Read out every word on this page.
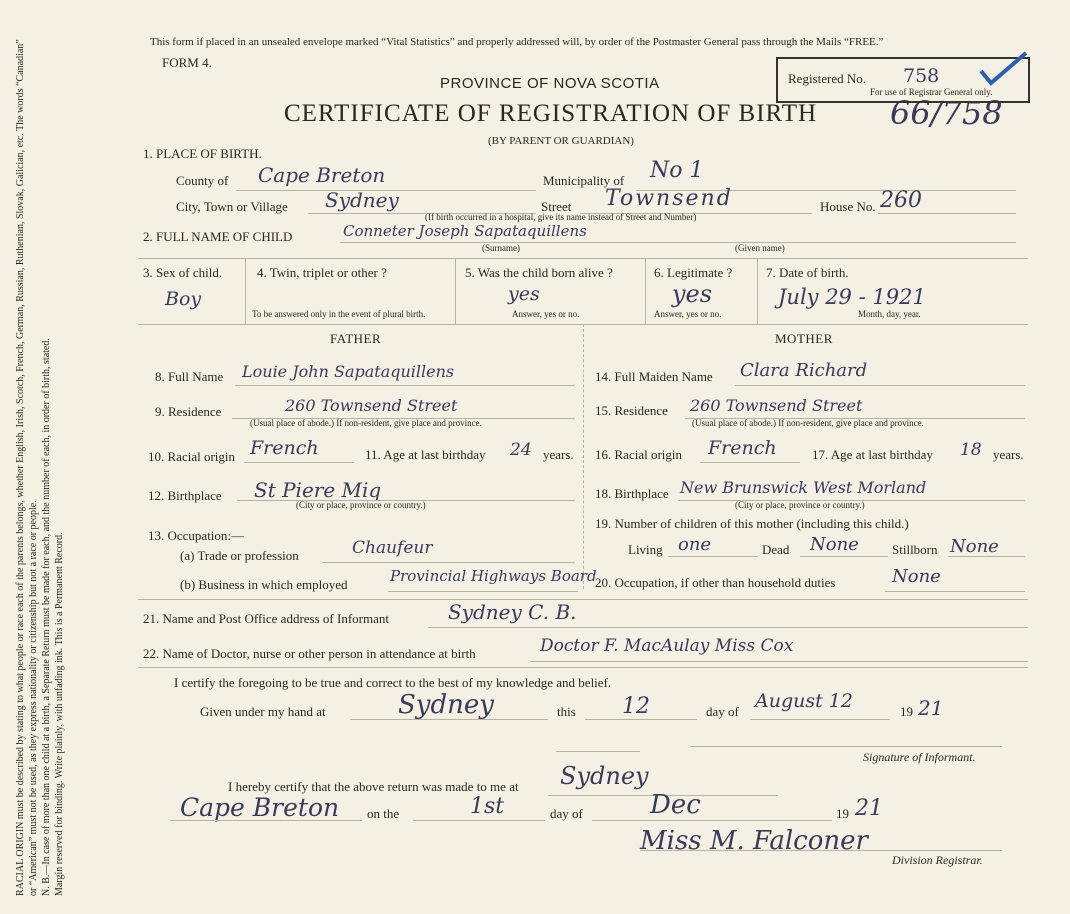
RACIAL ORIGIN must be described by stating to what people or race each of the parents belongs, whether English, Irish, Scotch, French, German, Russian, Ruthenian, Slovak, Galician, etc. The words “Canadian” or “American” must not be used, as they express nationality or citizenship but not a race or people. N. B.—In case of more than one child at a birth, a Separate Return must be made for each, and the number of each, in order of birth, stated. Margin reserved for binding. Write plainly, with unfading ink. This is a Permanent Record.
This form if placed in an unsealed envelope marked “Vital Statistics” and properly addressed will, by order of the Postmaster General pass through the Mails “FREE.”
FORM 4.
PROVINCE OF NOVA SCOTIA
CERTIFICATE OF REGISTRATION OF BIRTH 66/758
(BY PARENT OR GUARDIAN)
Registered No. 758
For use of Registrar General only.
1. PLACE OF BIRTH.
County of Cape Breton	Municipality of No 1
City, Town or Village Sydney	Street Townsend	House No. 260
(If birth occurred in a hospital, give its name instead of Street and Number)
2. FULL NAME OF CHILD	Conneter Joseph Sapataquillens
(Surname)	(Given name)
3. Sex of child.
Boy
4. Twin, triplet or other ?
To be answered only in the event of plural birth.
5. Was the child born alive ?
yes
Answer, yes or no.
6. Legitimate ?
yes
Answer, yes or no.
7. Date of birth.
July 29 - 1921
Month, day, year.
FATHER	MOTHER
8. Full Name Louie John Sapataquillens
9. Residence	260 Townsend Street
(Usual place of abode.) If non-resident, give place and province.
10. Racial origin French	11. Age at last birthday 24 years.
12. Birthplace St Piere Miq
(City or place, province or country.)
13. Occupation:—
(a) Trade or profession	Chaufeur
(b) Business in which employed	Provincial Highways Board
14. Full Maiden Name Clara Richard
15. Residence 260 Townsend Street
(Usual place of abode.) If non-resident, give place and province.
16. Racial origin French	17. Age at last birthday 18 years.
18. Birthplace New Brunswick West Morland
(City or place, province or country.)
19. Number of children of this mother (including this child.)
Living one	Dead None	Stillborn None
20. Occupation, if other than household duties	None
21. Name and Post Office address of Informant	Sydney C. B.
22. Name of Doctor, nurse or other person in attendance at birth	Doctor F. MacAulay Miss Cox
I certify the foregoing to be true and correct to the best of my knowledge and belief.
Given under my hand at	Sydney	this 12	day of August 12	19 21
Signature of Informant.
I hereby certify that the above return was made to me at Sydney
Cape Breton on the	1st	day of	Dec	19 21
Miss M. Falconer
Division Registrar.
